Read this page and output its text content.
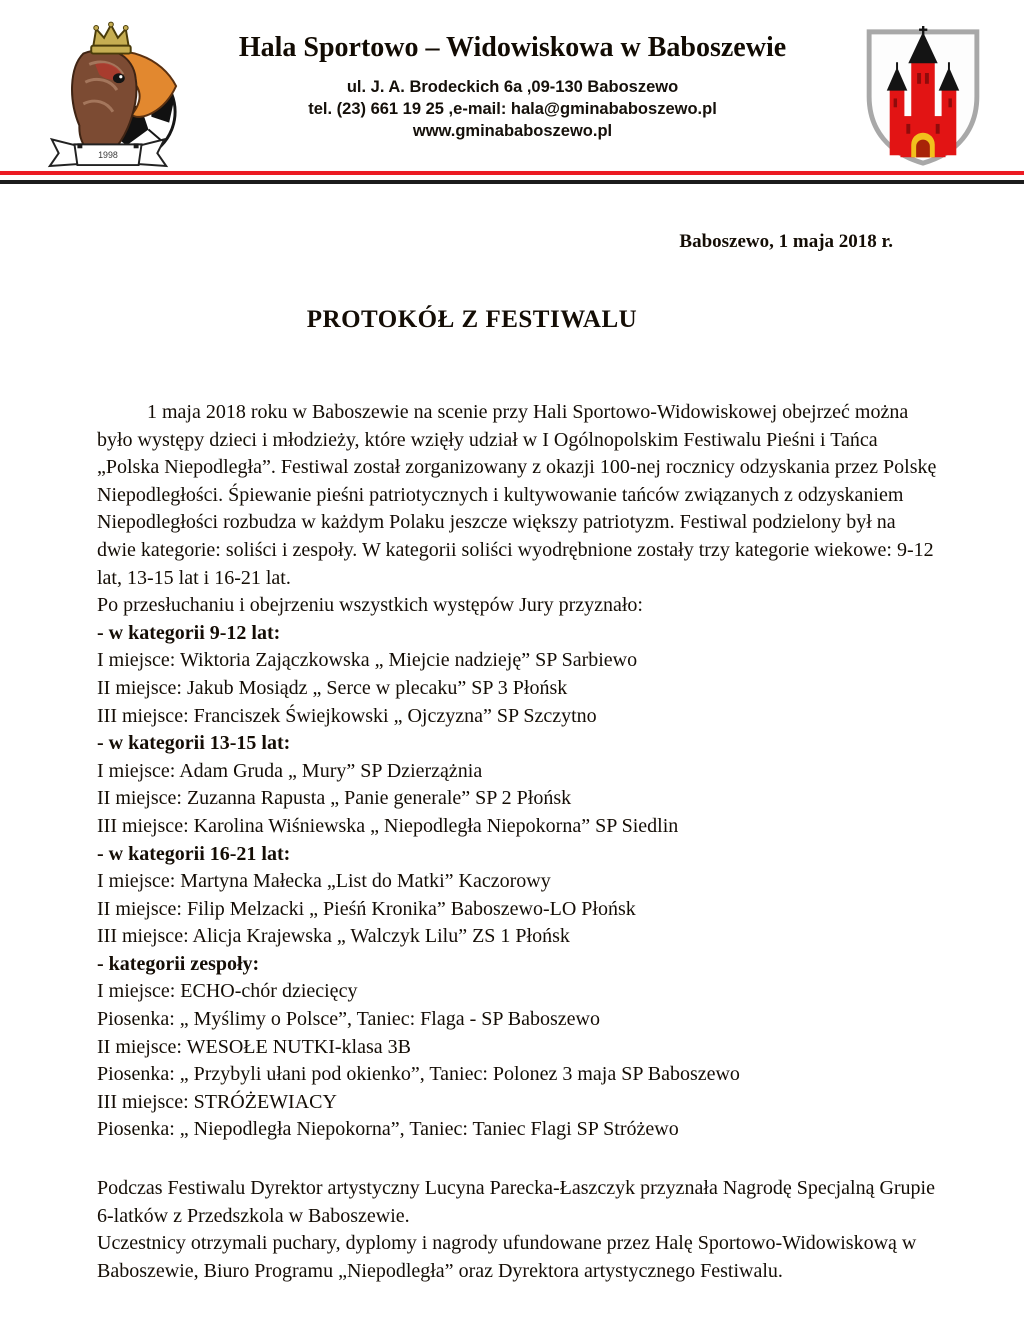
1998
Hala Sportowo – Widowiskowa w Baboszewie
ul. J. A. Brodeckich 6a ,09-130 Baboszewo
tel. (23) 661 19 25 ,e-mail: hala@gminababoszewo.pl
www.gminababoszewo.pl
Baboszewo, 1 maja 2018 r.
PROTOKÓŁ Z FESTIWALU
1 maja 2018 roku w Baboszewie na scenie przy Hali Sportowo-Widowiskowej obejrzeć można było występy dzieci i młodzieży, które wzięły udział w I Ogólnopolskim Festiwalu Pieśni i Tańca „Polska Niepodległa”. Festiwal został zorganizowany z okazji 100-nej rocznicy odzyskania przez Polskę Niepodległości. Śpiewanie pieśni patriotycznych i kultywowanie tańców związanych z odzyskaniem Niepodległości rozbudza w każdym Polaku jeszcze większy patriotyzm. Festiwal podzielony był na dwie kategorie: soliści i zespoły. W kategorii soliści wyodrębnione zostały trzy kategorie wiekowe: 9-12 lat, 13-15 lat i 16-21 lat.
Po przesłuchaniu i obejrzeniu wszystkich występów Jury przyznało:
- w kategorii 9-12 lat:
I miejsce: Wiktoria Zajączkowska „ Miejcie nadzieję” SP Sarbiewo
II miejsce: Jakub Mosiądz „ Serce w plecaku” SP 3 Płońsk
III miejsce: Franciszek Świejkowski „ Ojczyzna” SP Szczytno
- w kategorii 13-15 lat:
I miejsce: Adam Gruda „ Mury” SP Dzierzążnia
II miejsce: Zuzanna Rapusta „ Panie generale” SP 2 Płońsk
III miejsce: Karolina Wiśniewska „ Niepodległa Niepokorna” SP Siedlin
- w kategorii 16-21 lat:
I miejsce: Martyna Małecka „List do Matki” Kaczorowy
II miejsce: Filip Melzacki „ Pieśń Kronika” Baboszewo-LO Płońsk
III miejsce: Alicja Krajewska „ Walczyk Lilu” ZS 1 Płońsk
- kategorii zespoły:
I miejsce: ECHO-chór dziecięcy
Piosenka: „ Myślimy o Polsce”, Taniec: Flaga - SP Baboszewo
II miejsce: WESOŁE NUTKI-klasa 3B
Piosenka: „ Przybyli ułani pod okienko”, Taniec: Polonez 3 maja SP Baboszewo
III miejsce: STRÓŻEWIACY
Piosenka: „ Niepodległa Niepokorna”, Taniec: Taniec Flagi SP Stróżewo
Podczas Festiwalu Dyrektor artystyczny Lucyna Parecka-Łaszczyk przyznała Nagrodę Specjalną Grupie 6-latków z Przedszkola w Baboszewie.
Uczestnicy otrzymali puchary, dyplomy i nagrody ufundowane przez Halę Sportowo-Widowiskową w Baboszewie, Biuro Programu „Niepodległa” oraz Dyrektora artystycznego Festiwalu.
